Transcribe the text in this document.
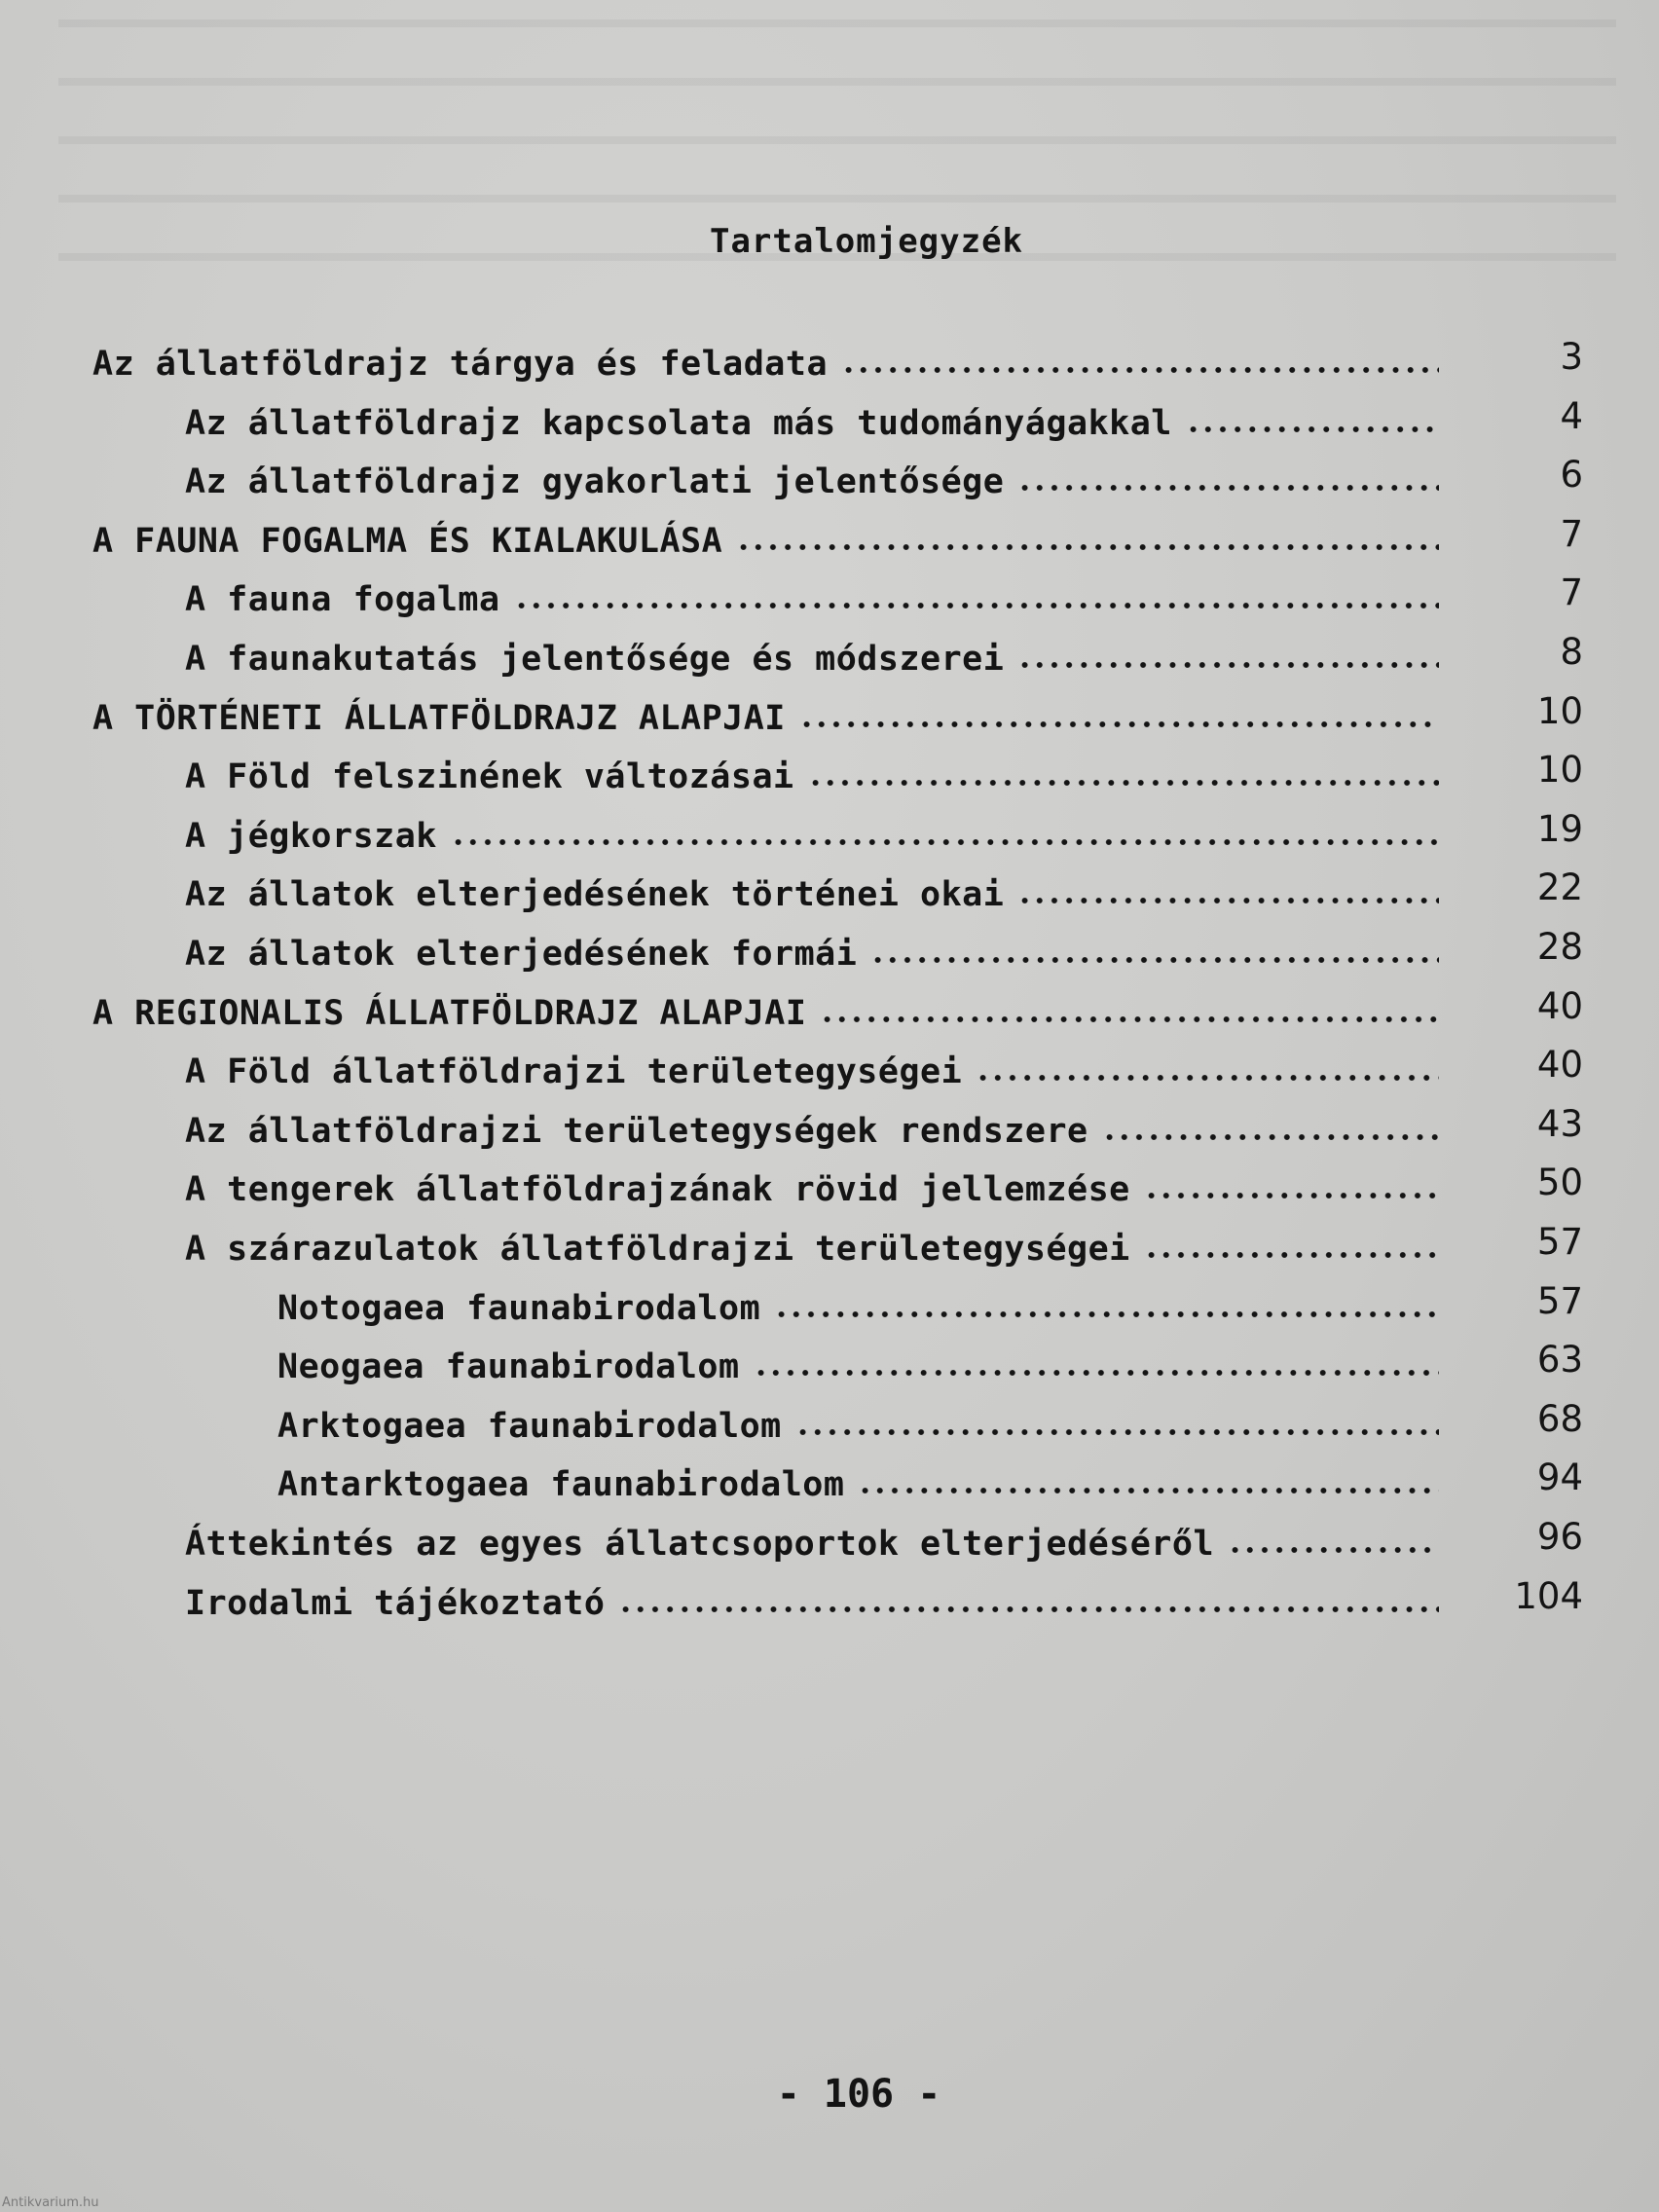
Tartalomjegyzék
Az állatföldrajz tárgya és feladata	3
Az állatföldrajz kapcsolata más tudományágakkal	4
Az állatföldrajz gyakorlati jelentősége	6
A FAUNA FOGALMA ÉS KIALAKULÁSA	7
A fauna fogalma	7
A faunakutatás jelentősége és módszerei	8
A TÖRTÉNETI ÁLLATFÖLDRAJZ ALAPJAI	10
A Föld felszinének változásai	10
A jégkorszak	19
Az állatok elterjedésének történei okai	22
Az állatok elterjedésének formái	28
A REGIONALIS ÁLLATFÖLDRAJZ ALAPJAI	40
A Föld állatföldrajzi területegységei	40
Az állatföldrajzi területegységek rendszere	43
A tengerek állatföldrajzának rövid jellemzése	50
A szárazulatok állatföldrajzi területegységei	57
Notogaea faunabirodalom	57
Neogaea faunabirodalom	63
Arktogaea faunabirodalom	68
Antarktogaea faunabirodalom	94
Áttekintés az egyes állatcsoportok elterjedéséről	96
Irodalmi tájékoztató	104
- 106 -
Antikvarium.hu
